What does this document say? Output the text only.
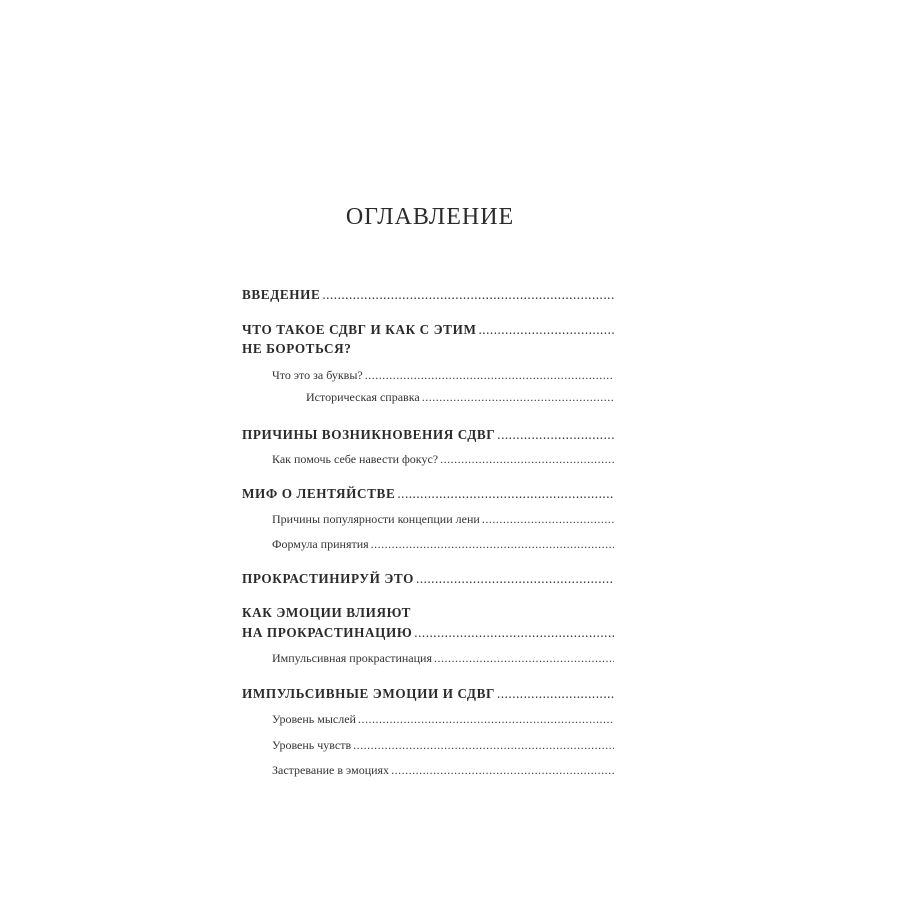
ОГЛАВЛЕНИЕ
ВВЕДЕНИЕ
.....
ЧТО ТАКОЕ СДВГ И КАК С ЭТИМ
.....
НЕ БОРОТЬСЯ?
Что это за буквы?
.....
Историческая справка
.....
ПРИЧИНЫ ВОЗНИКНОВЕНИЯ СДВГ
.....
Как помочь себе навести фокус?
.....
МИФ О ЛЕНТЯЙСТВЕ
.....
Причины популярности концепции лени
.....
Формула принятия
.....
ПРОКРАСТИНИРУЙ ЭТО
.....
КАК ЭМОЦИИ ВЛИЯЮТ
НА ПРОКРАСТИНАЦИЮ
.....
Импульсивная прокрастинация
.....
ИМПУЛЬСИВНЫЕ ЭМОЦИИ И СДВГ
.....
Уровень мыслей
.....
Уровень чувств
.....
Застревание в эмоциях
.....
